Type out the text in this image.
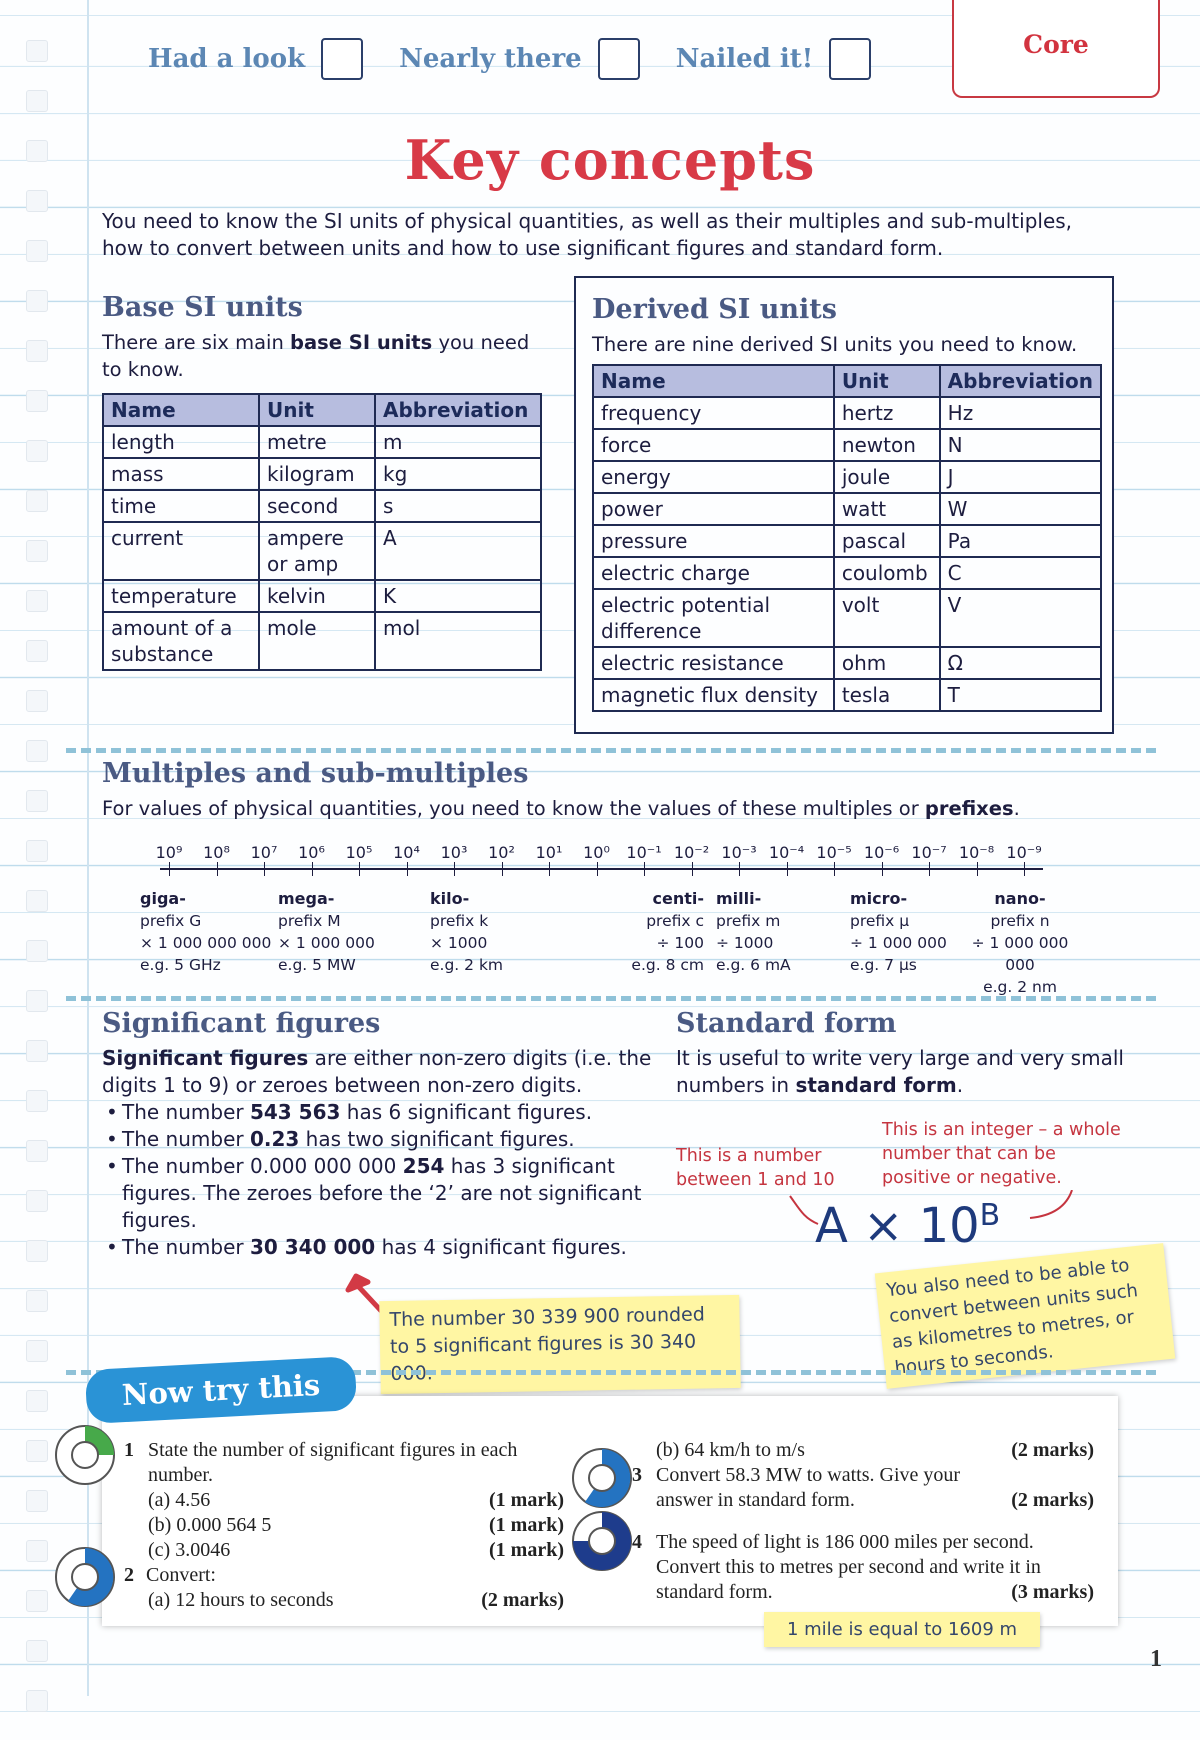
Had a look	Nearly there	Nailed it!	Core
Key concepts
You need to know the SI units of physical quantities, as well as their multiples and sub-multiples, how to convert between units and how to use significant figures and standard form.
Base SI units
There are six main base SI units you need to know.
Name	Unit	Abbreviation
length	metre	m
mass	kilogram	kg
time	second	s
current	ampere or amp	A
temperature	kelvin	K
amount of a substance	mole	mol
Derived SI units
There are nine derived SI units you need to know.
Name	Unit	Abbreviation
frequency	hertz	Hz
force	newton	N
energy	joule	J
power	watt	W
pressure	pascal	Pa
electric charge	coulomb	C
electric potential difference	volt	V
electric resistance	ohm	Ω
magnetic flux density	tesla	T
Multiples and sub-multiples
For values of physical quantities, you need to know the values of these multiples or prefixes.
10⁹	10⁸	10⁷	10⁶	10⁵	10⁴	10³	10²	10¹	10⁰	10⁻¹ 10⁻² 10⁻³ 10⁻⁴ 10⁻⁵ 10⁻⁶ 10⁻⁷ 10⁻⁸ 10⁻⁹
giga-
prefix G
× 1 000 000 000
e.g. 5 GHz
mega-
prefix M
× 1 000 000
e.g. 5 MW
kilo-
prefix k
× 1000
e.g. 2 km
centi-
prefix c
÷ 100
e.g. 8 cm
milli-
prefix m
÷ 1000
e.g. 6 mA
micro-
prefix µ
÷ 1 000 000
e.g. 7 µs
nano-
prefix n
÷ 1 000 000 000
e.g. 2 nm
Significant figures
Significant figures are either non-zero digits (i.e. the digits 1 to 9) or zeroes between non-zero digits.
• The number 543 563 has 6 significant figures.
• The number 0.23 has two significant figures.
• The number 0.000 000 000 254 has 3 significant figures. The zeroes before the ‘2’ are not significant figures.
• The number 30 340 000 has 4 significant figures.
The number 30 339 900 rounded to 5 significant figures is 30 340 000.
Standard form
It is useful to write very large and very small numbers in standard form.
This is a number between 1 and 10
This is an integer – a whole number that can be positive or negative.
$A \times 10^B$
You also need to be able to convert between units such as kilometres to metres, or hours to seconds.
Now try this
1 State the number of significant figures in each number.
(a) 4.56	(1 mark)
(b) 0.000 564 5	(1 mark)
(c) 3.0046	(1 mark)
2 Convert:
(a) 12 hours to seconds	(2 marks)
(b) 64 km/h to m/s	(2 marks)
3 Convert 58.3 MW to watts. Give your answer in standard form.	(2 marks)
4 The speed of light is 186 000 miles per second. Convert this to metres per second and write it in standard form.	(3 marks)
1 mile is equal to 1609 m
1
